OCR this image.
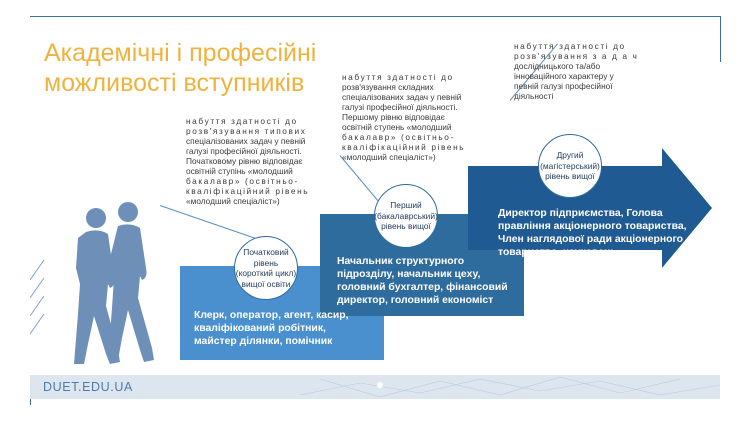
Академічні і професійні
можливості вступників
Початковий
рівень
(короткий цикл)
вищої освіти
Перший
(бакалаврський)
рівень вищої
Другий
(магістерський)
рівень вищої
Клерк, оператор, агент, касир, кваліфікований робітник, майстер ділянки, помічник
Начальник структурного підрозділу, начальник цеху, головний бухгалтер, фінансовий директор, головний економіст
Директор підприємства, Голова правління акціонерного товариства, Член наглядової ради акціонерного товариства, науковець
набуття здатності до
розв'язування типових
спеціалізованих задач у певній
галузі професійної діяльності.
Початковому рівню відповідає
освітній ступінь «молодший
бакалавр» (освітньо-
кваліфікаційний рівень
«молодший спеціаліст»)
набуття здатності до
розв'язування складних
спеціалізованих задач у певній
галузі професійної діяльності.
Першому рівню відповідає
освітній ступень «молодший
бакалавр» (освітньо-
кваліфікаційний рівень
«молодший спеціаліст»)
набуття здатності до
розв'язування з а д а ч
дослідницького та/або
інноваційного характеру у
певній галузі професійної
діяльності
DUET.EDU.UA
